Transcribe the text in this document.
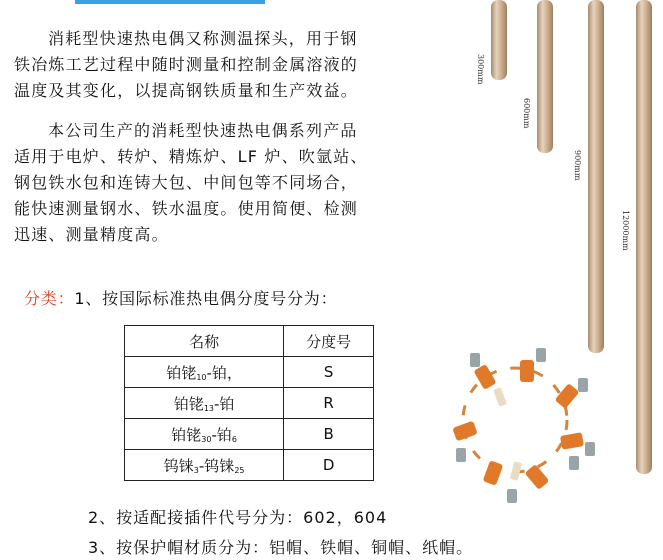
消耗型快速热电偶又称测温探头，用于钢
铁冶炼工艺过程中随时测量和控制金属溶液的
温度及其变化，以提高钢铁质量和生产效益。
本公司生产的消耗型快速热电偶系列产品
适用于电炉、转炉、精炼炉、LF 炉、吹氩站、
钢包铁水包和连铸大包、中间包等不同场合，
能快速测量钢水、铁水温度。使用简便、检测
迅速、测量精度高。
分类：1、按国际标准热电偶分度号分为：
名称	分度号
铂铑$_{10}$-铂，	S
铂铑$_{13}$-铂	R
铂铑$_{30}$-铂$_6$	B
钨铼$_3$-钨铼$_{25}$	D
2、按适配接插件代号分为：602，604
3、按保护帽材质分为：铝帽、铁帽、铜帽、纸帽。
300mm
600mm
900mm
12000mm
